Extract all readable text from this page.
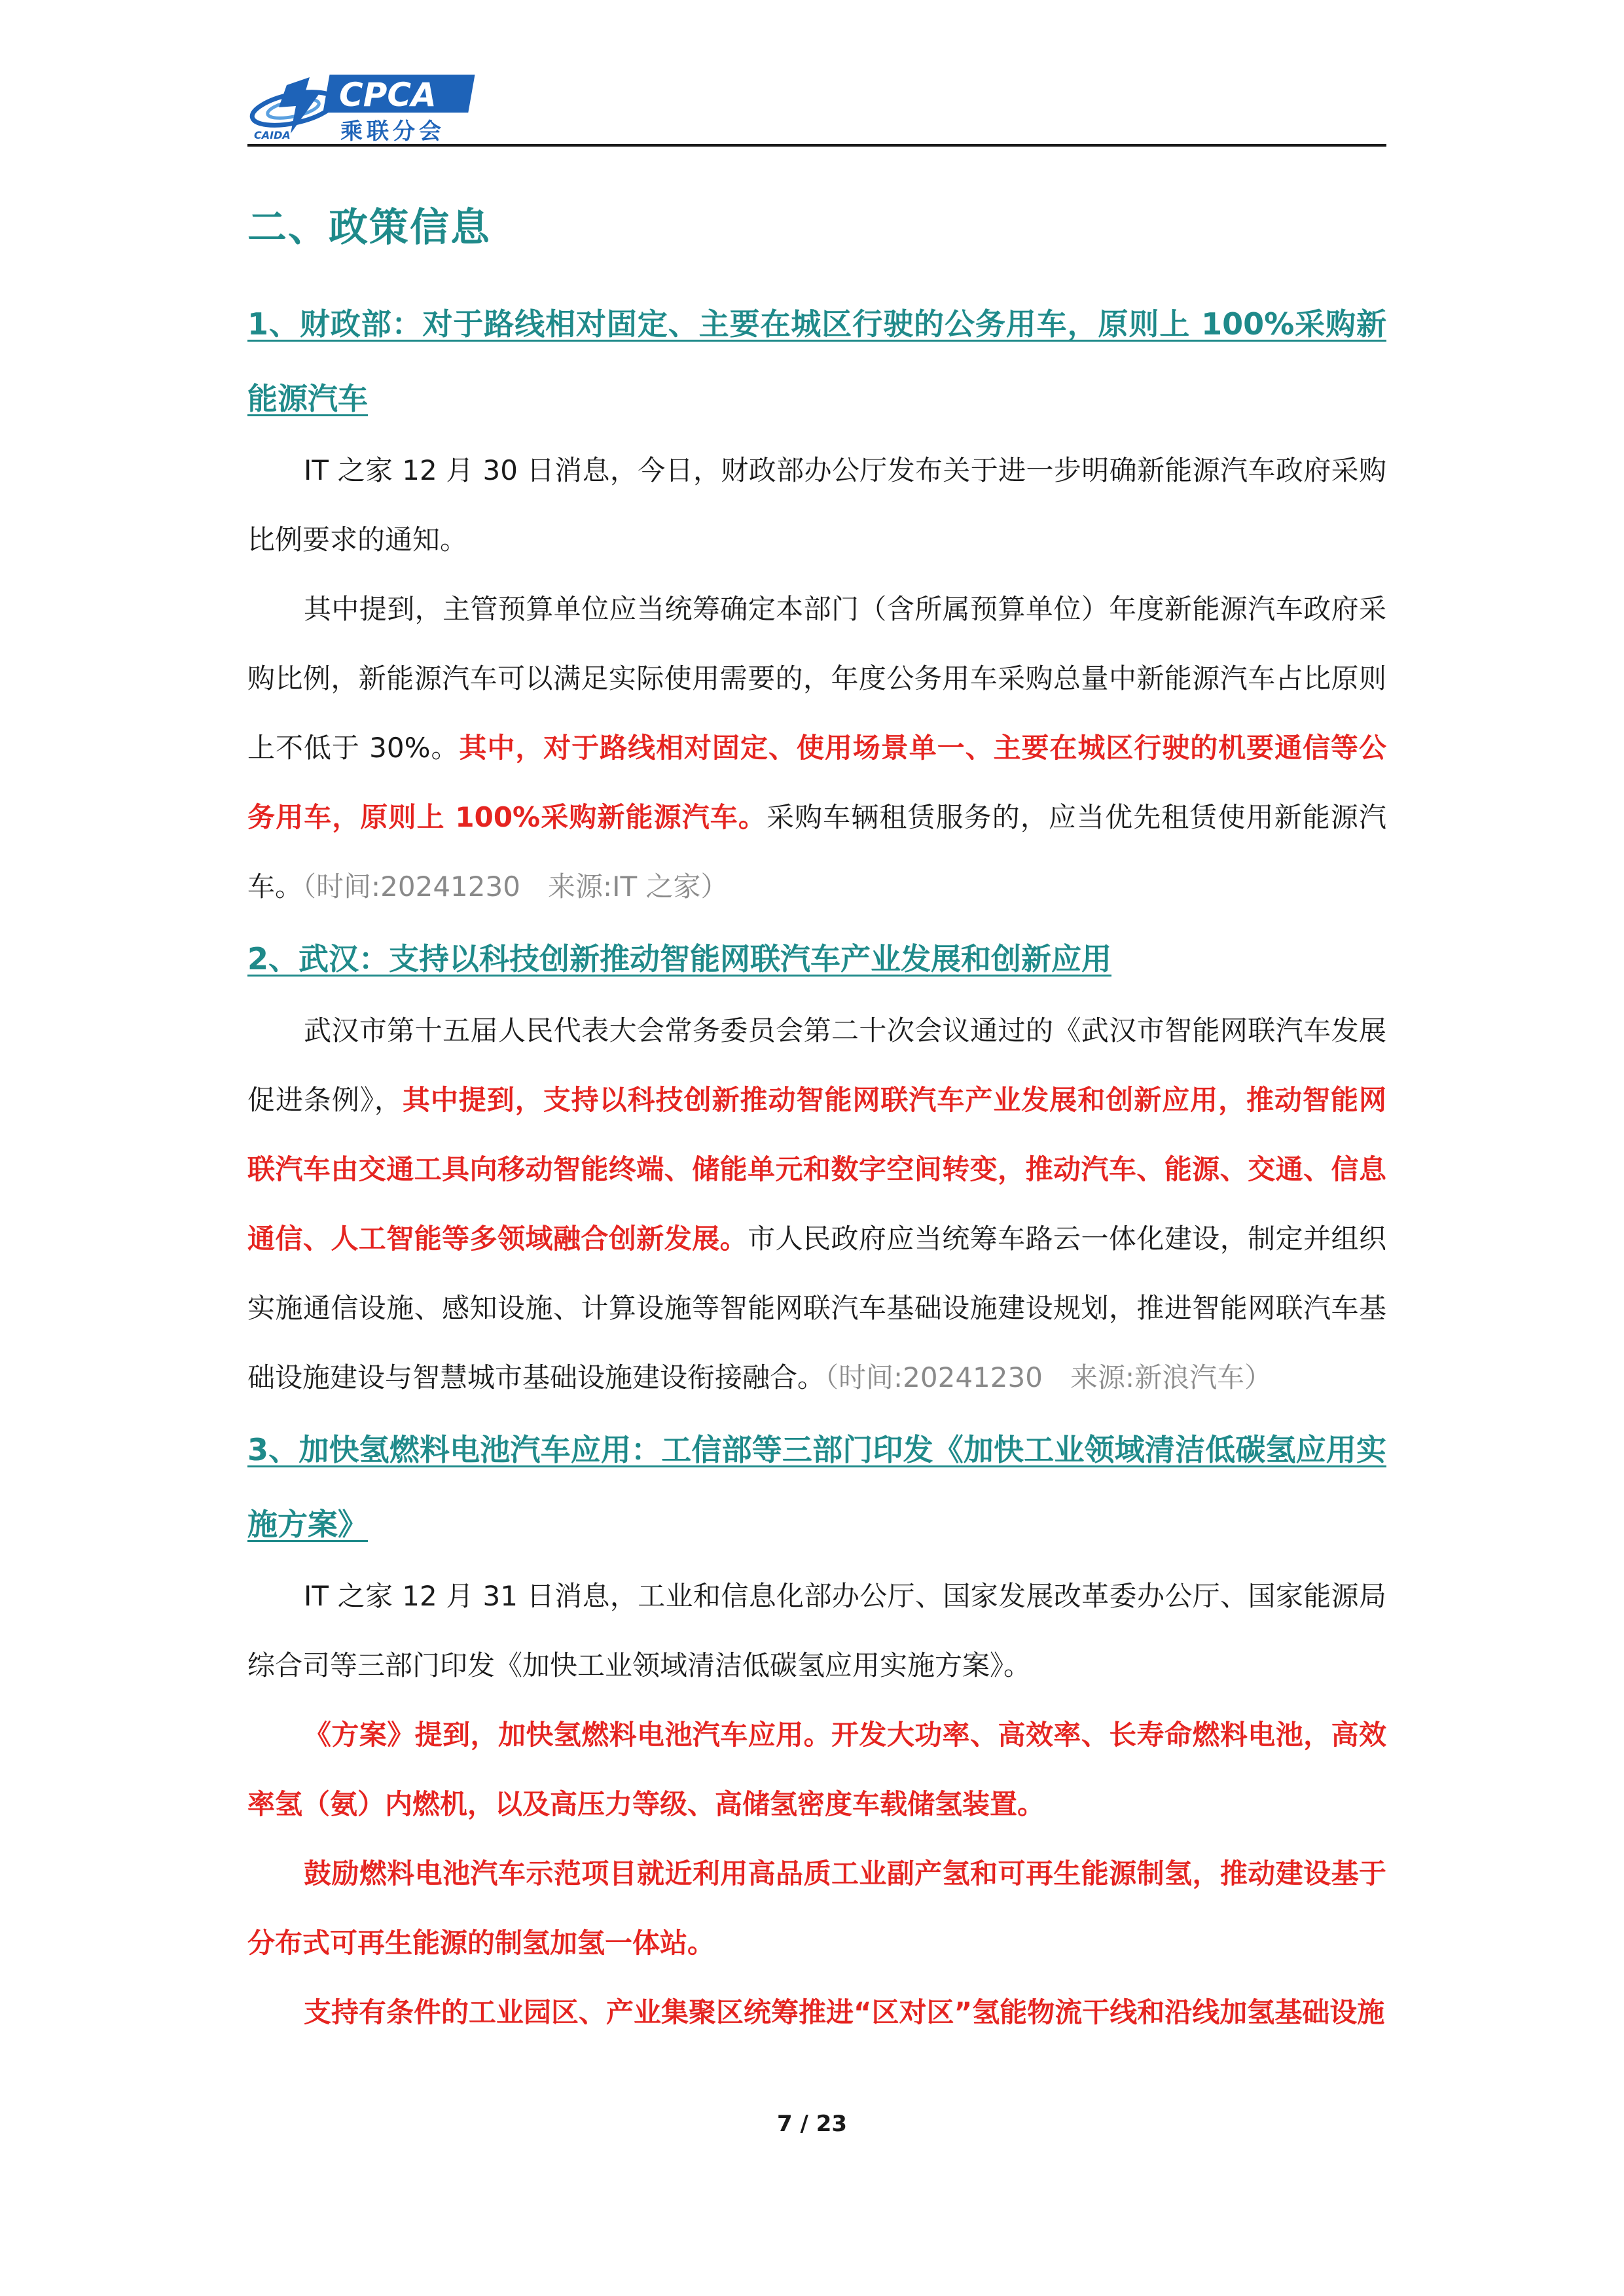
CAIDA
CPCA
乘联分会
二、政策信息
1、财政部：对于路线相对固定、主要在城区行驶的公务用车，原则上 100%采购新能源汽车

IT 之家 12 月 30 日消息，今日，财政部办公厅发布关于进一步明确新能源汽车政府采购比例要求的通知。

其中提到，主管预算单位应当统筹确定本部门（含所属预算单位）年度新能源汽车政府采购比例，新能源汽车可以满足实际使用需要的，年度公务用车采购总量中新能源汽车占比原则上不低于 30%。其中，对于路线相对固定、使用场景单一、主要在城区行驶的机要通信等公务用车，原则上 100%采购新能源汽车。采购车辆租赁服务的，应当优先租赁使用新能源汽车。（时间:20241230　来源:IT 之家）

2、武汉：支持以科技创新推动智能网联汽车产业发展和创新应用

武汉市第十五届人民代表大会常务委员会第二十次会议通过的《武汉市智能网联汽车发展促进条例》，其中提到，支持以科技创新推动智能网联汽车产业发展和创新应用，推动智能网联汽车由交通工具向移动智能终端、储能单元和数字空间转变，推动汽车、能源、交通、信息通信、人工智能等多领域融合创新发展。市人民政府应当统筹车路云一体化建设，制定并组织实施通信设施、感知设施、计算设施等智能网联汽车基础设施建设规划，推进智能网联汽车基础设施建设与智慧城市基础设施建设衔接融合。（时间:20241230　来源:新浪汽车）

3、加快氢燃料电池汽车应用：工信部等三部门印发《加快工业领域清洁低碳氢应用实施方案》

IT 之家 12 月 31 日消息，工业和信息化部办公厅、国家发展改革委办公厅、国家能源局综合司等三部门印发《加快工业领域清洁低碳氢应用实施方案》。

《方案》提到，加快氢燃料电池汽车应用。开发大功率、高效率、长寿命燃料电池，高效率氢（氨）内燃机，以及高压力等级、高储氢密度车载储氢装置。

鼓励燃料电池汽车示范项目就近利用高品质工业副产氢和可再生能源制氢，推动建设基于分布式可再生能源的制氢加氢一体站。

支持有条件的工业园区、产业集聚区统筹推进“区对区”氢能物流干线和沿线加氢基础设施

7 / 23
